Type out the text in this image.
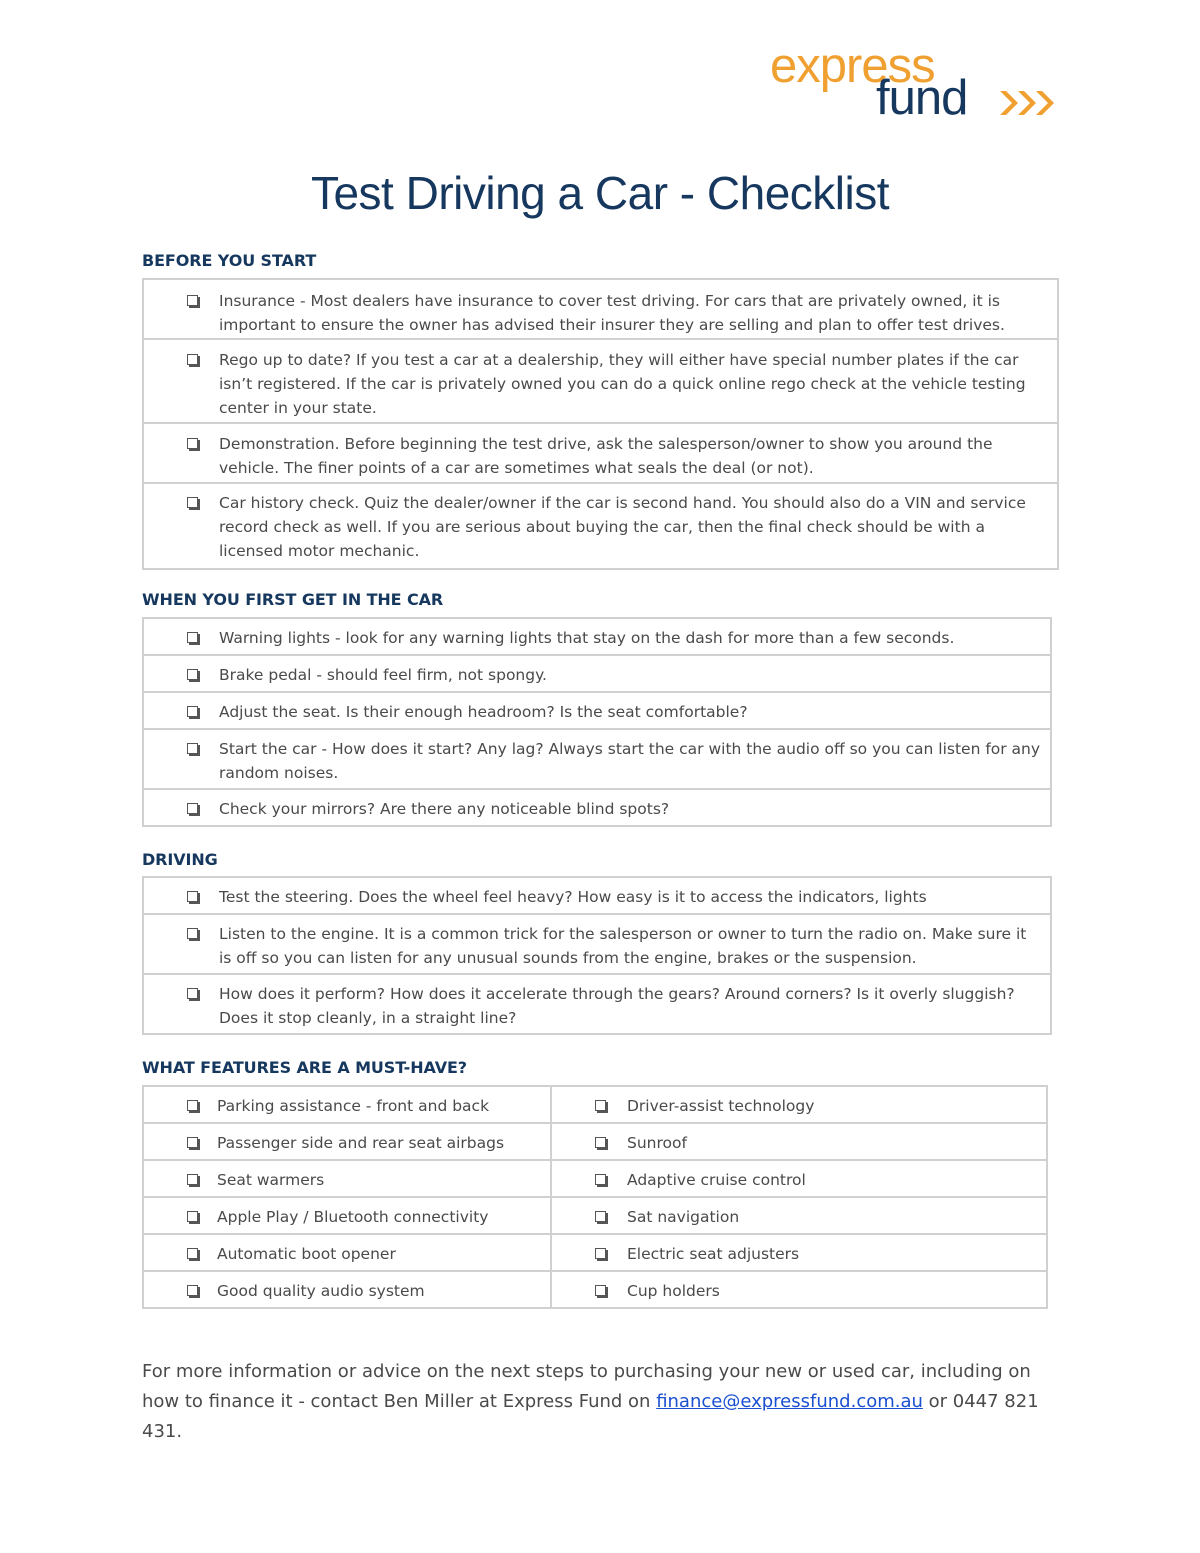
express
fund
Test Driving a Car - Checklist
BEFORE YOU START
Insurance - Most dealers have insurance to cover test driving. For cars that are privately owned, it is important to ensure the owner has advised their insurer they are selling and plan to offer test drives.

Rego up to date? If you test a car at a dealership, they will either have special number plates if the car isn’t registered. If the car is privately owned you can do a quick online rego check at the vehicle testing center in your state.

Demonstration. Before beginning the test drive, ask the salesperson/owner to show you around the vehicle. The finer points of a car are sometimes what seals the deal (or not).

Car history check. Quiz the dealer/owner if the car is second hand. You should also do a VIN and service record check as well. If you are serious about buying the car, then the final check should be with a licensed motor mechanic.
WHEN YOU FIRST GET IN THE CAR
Warning lights - look for any warning lights that stay on the dash for more than a few seconds.

Brake pedal - should feel firm, not spongy.

Adjust the seat. Is their enough headroom? Is the seat comfortable?

Start the car - How does it start? Any lag? Always start the car with the audio off so you can listen for any random noises.

Check your mirrors? Are there any noticeable blind spots?
DRIVING
Test the steering. Does the wheel feel heavy? How easy is it to access the indicators, lights

Listen to the engine. It is a common trick for the salesperson or owner to turn the radio on. Make sure it is off so you can listen for any unusual sounds from the engine, brakes or the suspension.

How does it perform? How does it accelerate through the gears? Around corners? Is it overly sluggish? Does it stop cleanly, in a straight line?
WHAT FEATURES ARE A MUST-HAVE?
Parking assistance - front and back	Driver-assist technology

Passenger side and rear seat airbags	Sunroof

Seat warmers	Adaptive cruise control

Apple Play / Bluetooth connectivity	Sat navigation

Automatic boot opener	Electric seat adjusters

Good quality audio system	Cup holders
For more information or advice on the next steps to purchasing your new or used car, including on how to finance it - contact Ben Miller at Express Fund on finance@expressfund.com.au or 0447 821 431.
